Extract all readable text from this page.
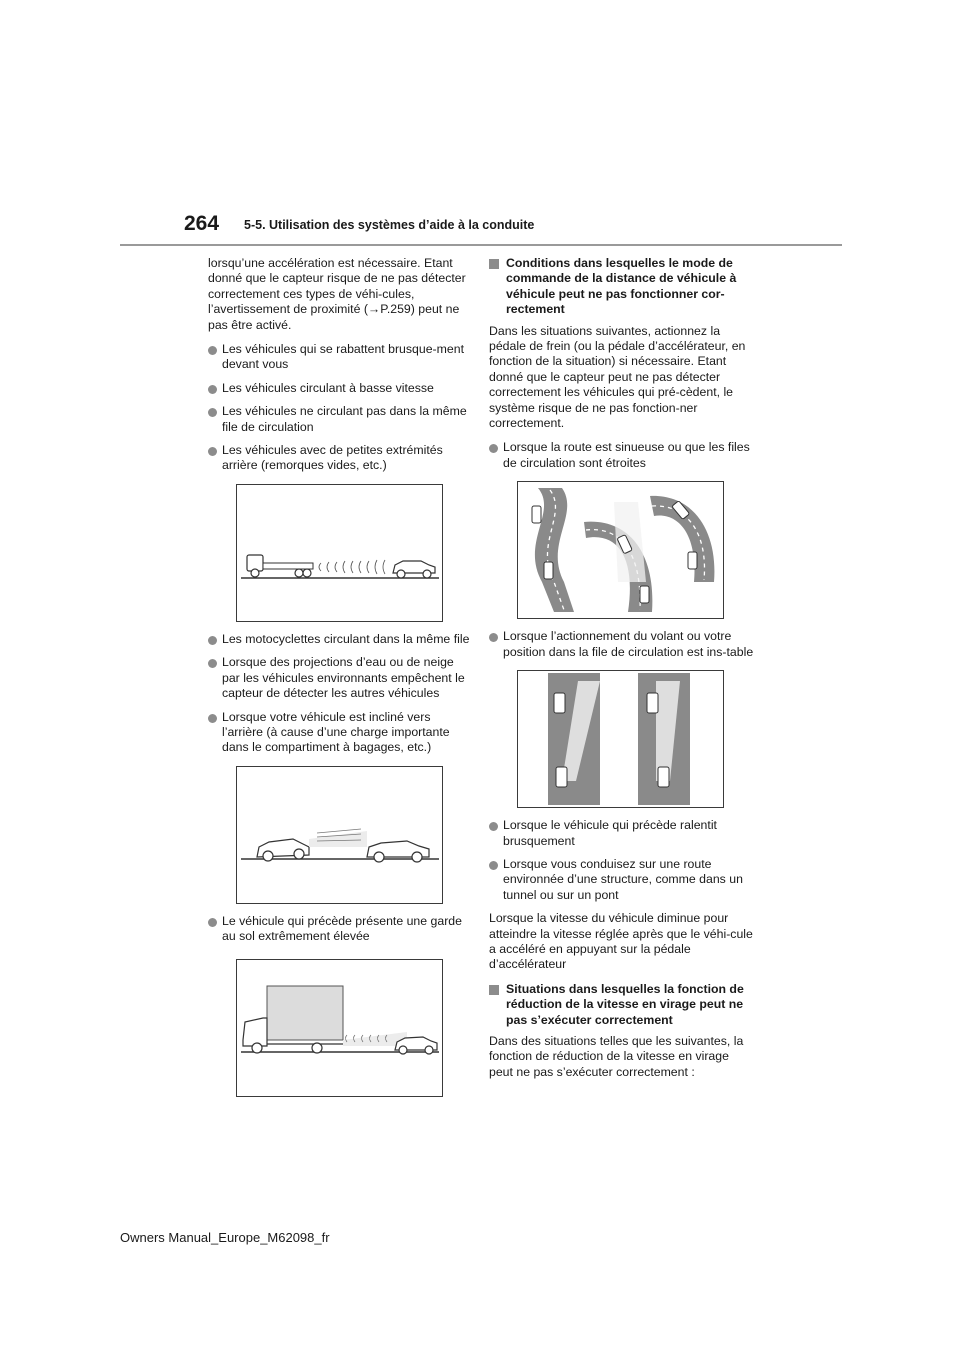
264 5-5. Utilisation des systèmes d’aide à la conduite

lorsqu’une accélération est nécessaire. Etant donné que le capteur risque de ne pas détecter correctement ces types de véhi-cules, l’avertissement de proximité (→P.259) peut ne pas être activé.

Les véhicules qui se rabattent brusque-ment devant vous
Les véhicules circulant à basse vitesse
Les véhicules ne circulant pas dans la même file de circulation
Les véhicules avec de petites extrémités arrière (remorques vides, etc.)
Les motocyclettes circulant dans la même file
Lorsque des projections d’eau ou de neige par les véhicules environnants empêchent le capteur de détecter les autres véhicules
Lorsque votre véhicule est incliné vers l’arrière (à cause d’une charge importante dans le compartiment à bagages, etc.)
Le véhicule qui précède présente une garde au sol extrêmement élevée
Conditions dans lesquelles le mode de commande de la distance de véhicule à véhicule peut ne pas fonctionner cor-rectement

Dans les situations suivantes, actionnez la pédale de frein (ou la pédale d’accélérateur, en fonction de la situation) si nécessaire. Etant donné que le capteur peut ne pas détecter correctement les véhicules qui pré-cèdent, le système risque de ne pas fonction-ner correctement.

Lorsque la route est sinueuse ou que les files de circulation sont étroites
Lorsque l’actionnement du volant ou votre position dans la file de circulation est ins-table
Lorsque le véhicule qui précède ralentit brusquement
Lorsque vous conduisez sur une route environnée d’une structure, comme dans un tunnel ou sur un pont

Lorsque la vitesse du véhicule diminue pour atteindre la vitesse réglée après que le véhi-cule a accéléré en appuyant sur la pédale d’accélérateur

Situations dans lesquelles la fonction de réduction de la vitesse en virage peut ne pas s’exécuter correctement

Dans des situations telles que les suivantes, la fonction de réduction de la vitesse en virage peut ne pas s’exécuter correctement :

Owners Manual_Europe_M62098_fr
